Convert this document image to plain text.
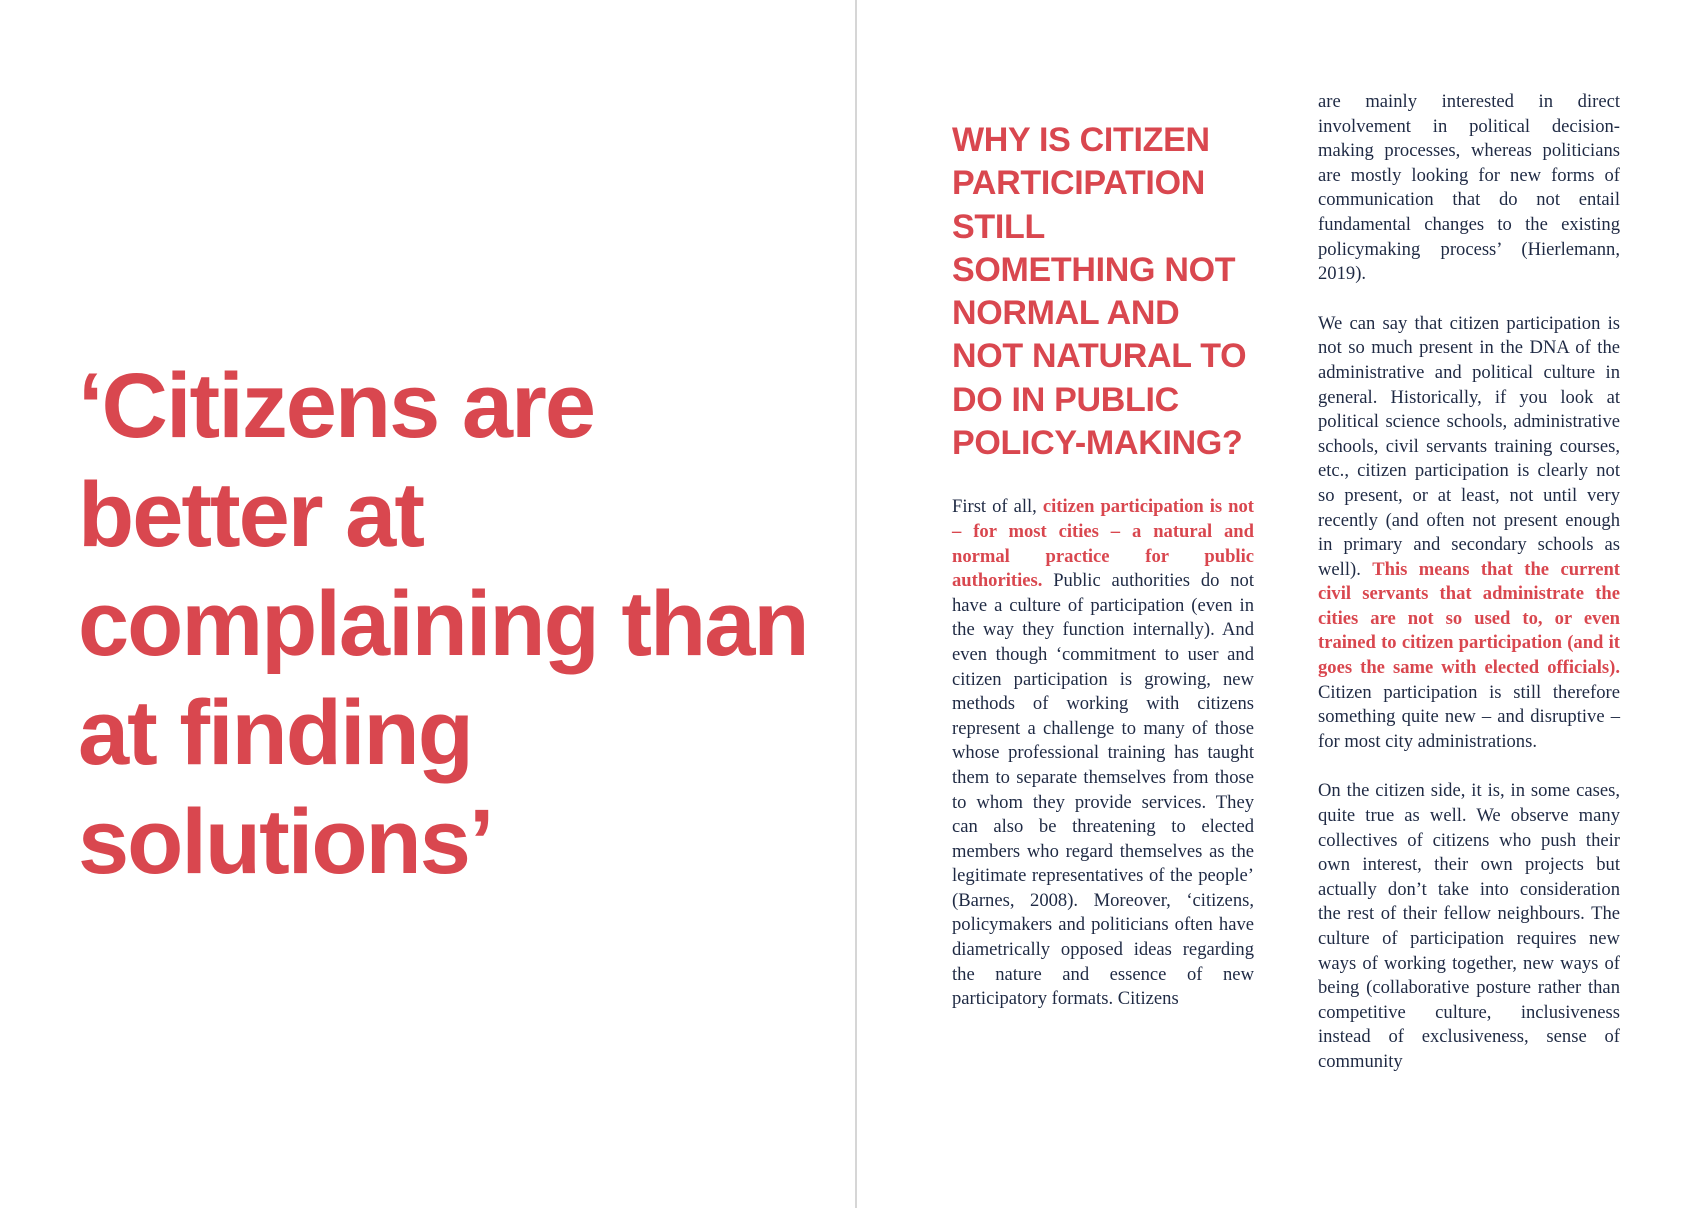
‘Citizens are better at complaining than at finding solutions’
WHY IS CITIZEN PARTICIPATION STILL SOMETHING NOT NORMAL AND NOT NATURAL TO DO IN PUBLIC POLICY-MAKING?

First of all, citizen participation is not – for most cities – a natural and normal practice for public authorities. Public authorities do not have a culture of participation (even in the way they function internally). And even though ‘commitment to user and citizen participation is growing, new methods of working with citizens represent a challenge to many of those whose professional training has taught them to separate themselves from those to whom they provide services. They can also be threatening to elected members who regard themselves as the legitimate representatives of the people’ (Barnes, 2008). Moreover, ‘citizens, policymakers and politicians often have diametrically opposed ideas regarding the nature and essence of new participatory formats. Citizens

are mainly interested in direct involvement in political decision-making processes, whereas politicians are mostly looking for new forms of communication that do not entail fundamental changes to the existing policymaking process’ (Hierlemann, 2019).

We can say that citizen participation is not so much present in the DNA of the administrative and political culture in general. Historically, if you look at political science schools, administrative schools, civil servants training courses, etc., citizen participation is clearly not so present, or at least, not until very recently (and often not present enough in primary and secondary schools as well). This means that the current civil servants that administrate the cities are not so used to, or even trained to citizen participation (and it goes the same with elected officials). Citizen participation is still therefore something quite new – and disruptive – for most city administrations.

On the citizen side, it is, in some cases, quite true as well. We observe many collectives of citizens who push their own interest, their own projects but actually don’t take into consideration the rest of their fellow neighbours. The culture of participation requires new ways of working together, new ways of being (collaborative posture rather than competitive culture, inclusiveness instead of exclusiveness, sense of community
